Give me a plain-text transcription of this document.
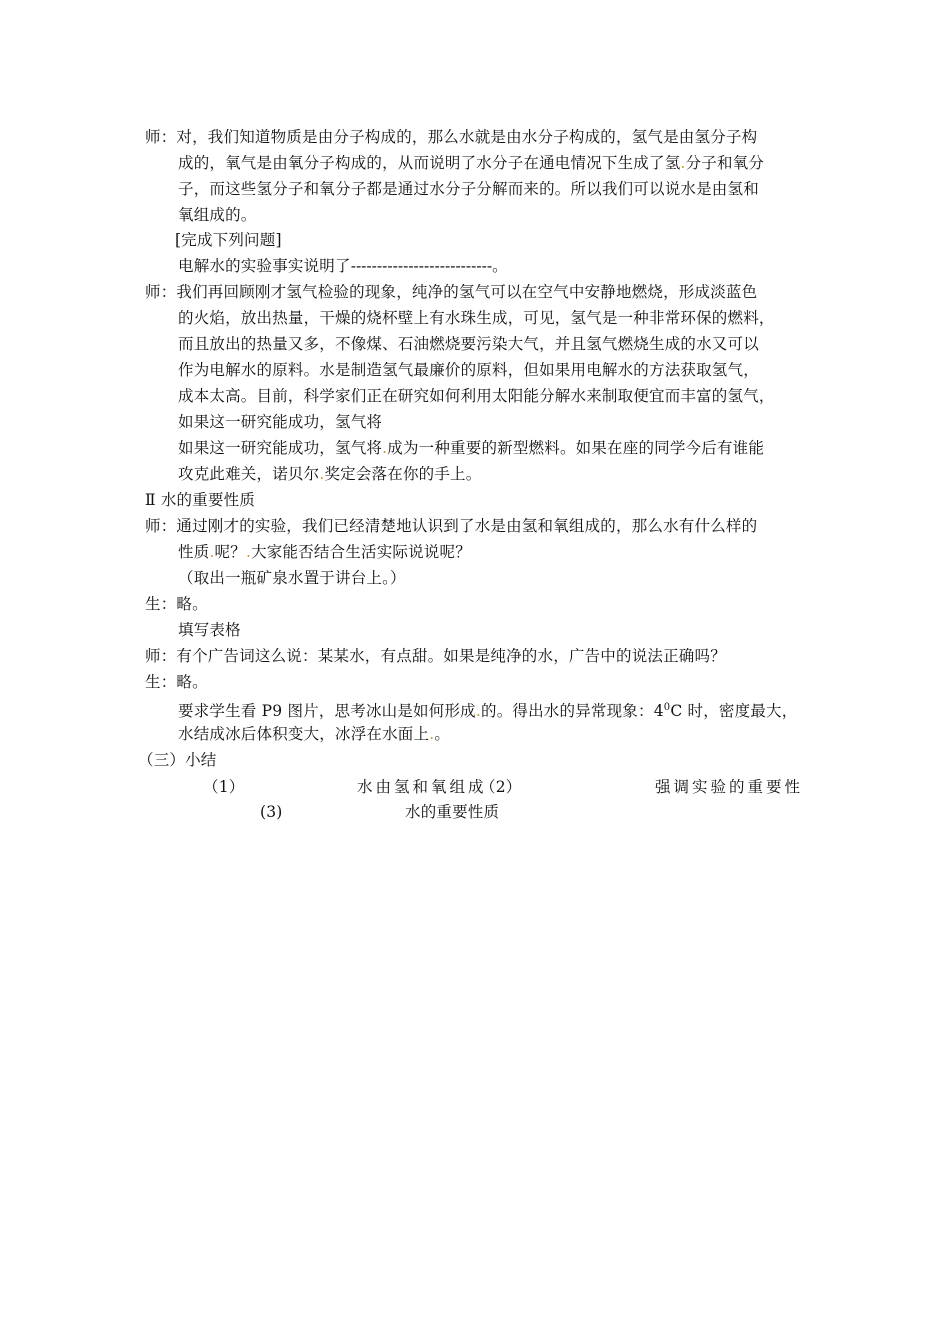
师：对，我们知道物质是由分子构成的，那么水就是由水分子构成的，氢气是由氢分子构
成的，氧气是由氧分子构成的，从而说明了水分子在通电情况下生成了氢.分子和氧分
子，而这些氢分子和氧分子都是通过水分子分解而来的。所以我们可以说水是由氢和
氧组成的。
[完成下列问题]
电解水的实验事实说明了---------------------------。
师：我们再回顾刚才氢气检验的现象，纯净的氢气可以在空气中安静地燃烧，形成淡蓝色
的火焰，放出热量，干燥的烧杯壁上有水珠生成，可见，氢气是一种非常环保的燃料，
而且放出的热量又多，不像煤、石油燃烧要污染大气，并且氢气燃烧生成的水又可以
作为电解水的原料。水是制造氢气最廉价的原料，但如果用电解水的方法获取氢气，
成本太高。目前，科学家们正在研究如何利用太阳能分解水来制取便宜而丰富的氢气，
如果这一研究能成功，氢气将
如果这一研究能成功，氢气将.成为一种重要的新型燃料。如果在座的同学今后有谁能
攻克此难关，诺贝尔.奖定会落在你的手上。
Ⅱ 水的重要性质
师：通过刚才的实验，我们已经清楚地认识到了水是由氢和氧组成的，那么水有什么样的
性质.呢？.大家能否结合生活实际说说呢？
（取出一瓶矿泉水置于讲台上。）
生：略。
填写表格
师：有个广告词这么说：某某水，有点甜。如果是纯净的水，广告中的说法正确吗？
生：略。
要求学生看 P9 图片，思考冰山是如何形成.的。得出水的异常现象：$4^0C$ 时，密度最大，
水结成冰后体积变大，冰浮在水面上.。
（三）小结
（1）	水由氢和氧组成
（2）	强调实验的重要性
(3)	水的重要性质
